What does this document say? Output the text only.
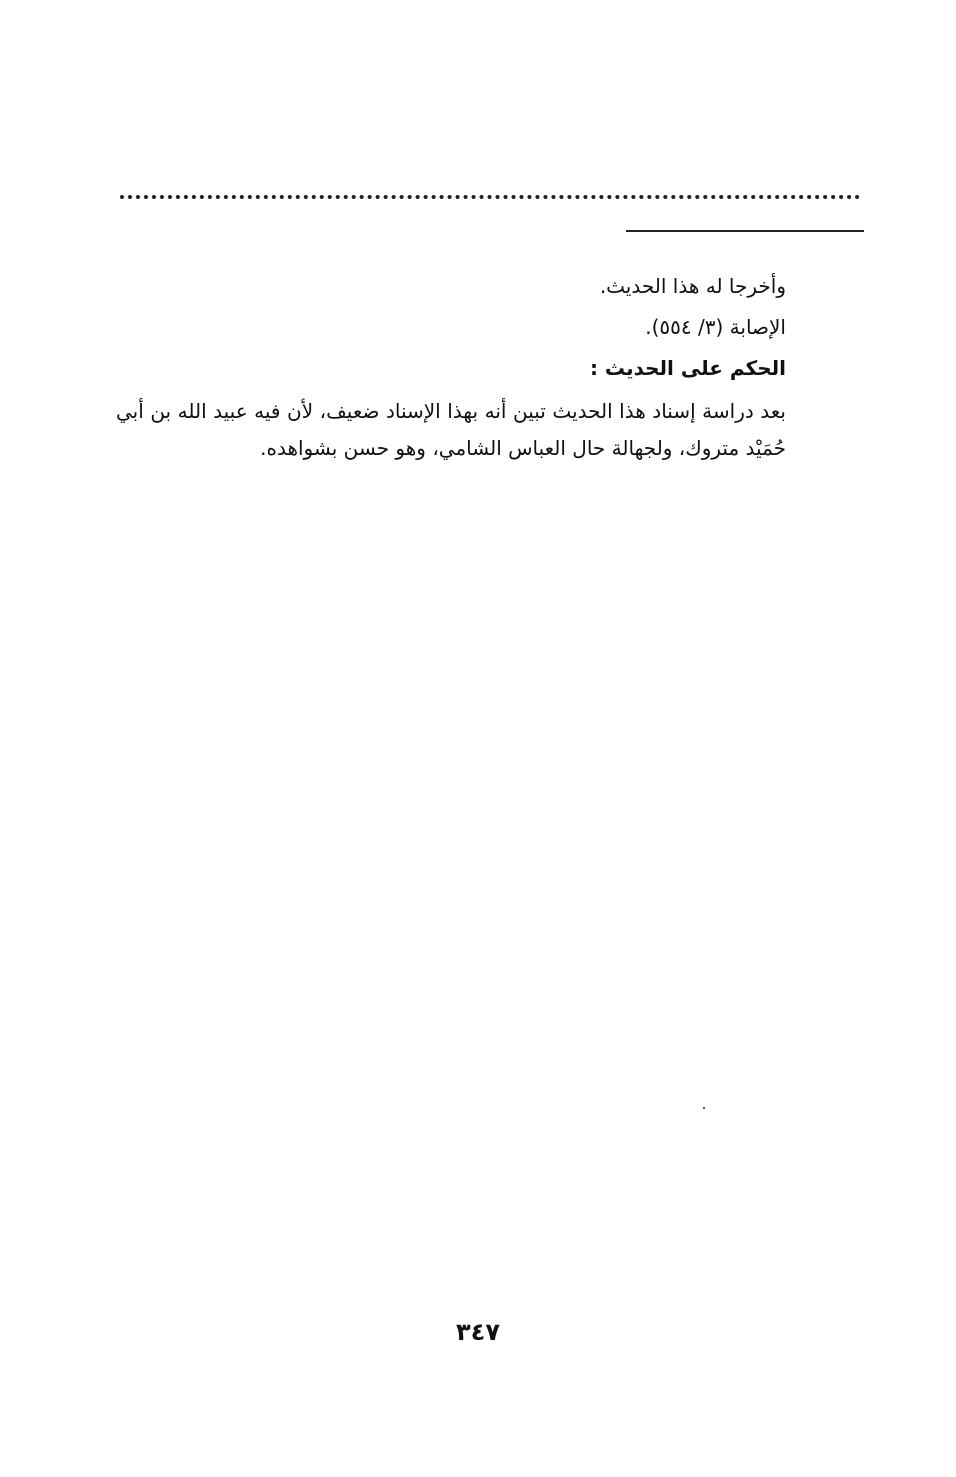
وأخرجا له هذا الحديث.
الإصابة (٣/ ٥٥٤).
الحكم على الحديث :
بعد دراسة إسناد هذا الحديث تبين أنه بهذا الإسناد ضعيف، لأن فيه عبيد الله بن أبي حُمَيْد متروك، ولجهالة حال العباس الشامي، وهو حسن بشواهده.
٣٤٧
